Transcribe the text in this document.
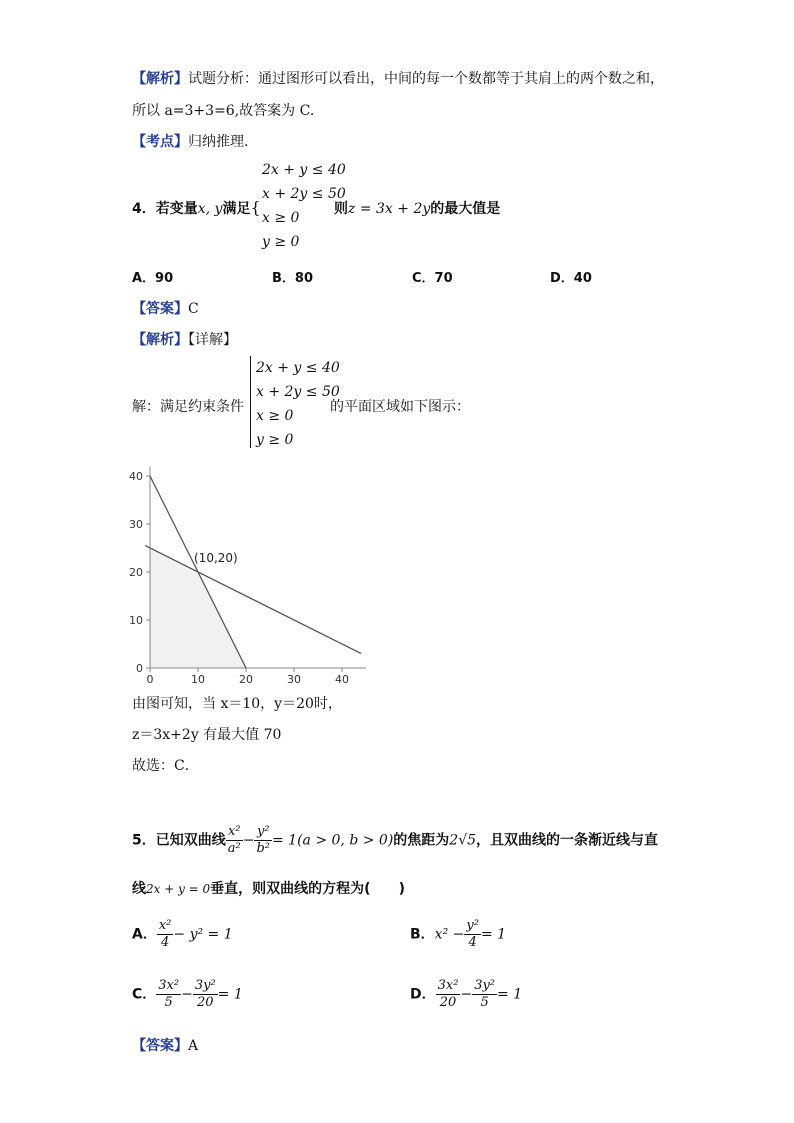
【解析】试题分析：通过图形可以看出，中间的每一个数都等于其肩上的两个数之和，
所以 a=3+3=6,故答案为 C.
【考点】归纳推理.
2x + y ≤ 40
x + 2y ≤ 50
x ≥ 0
y ≥ 0
4．若变量x, y满足{	则z = 3x + 2y的最大值是
A．90	B．80	C．70	D．40
【答案】C
【解析】【详解】
解：满足约束条件
2x + y ≤ 40
x + 2y ≤ 50
x ≥ 0
y ≥ 0
的平面区域如下图示：
0	10	20	30	40
0
10
20
30
40
(10,20)
由图可知，当 x＝10，y＝20时，
z＝3x+2y 有最大值 70
故选：C．
5．已知双曲线 $\frac{\text{x²}}{\text{a²}} - \frac{\text{y²}}{\text{b²}} = 1(a > 0$, b > 0)的焦距为2√5，且双曲线的一条渐近线与直
线2x + y = 0垂直，则双曲线的方程为(　　)
A． $\frac{\text{x²}}{4} - y^2 = 1$	B．$x^2 - \frac{\text{y²}}{4} = 1$
C． $\frac{\text{3x²}}{5} - \frac{\text{3y²}}{20} = 1$	D． $\frac{\text{3x²}}{20} - \frac{\text{3y²}}{5} = 1$
【答案】A
